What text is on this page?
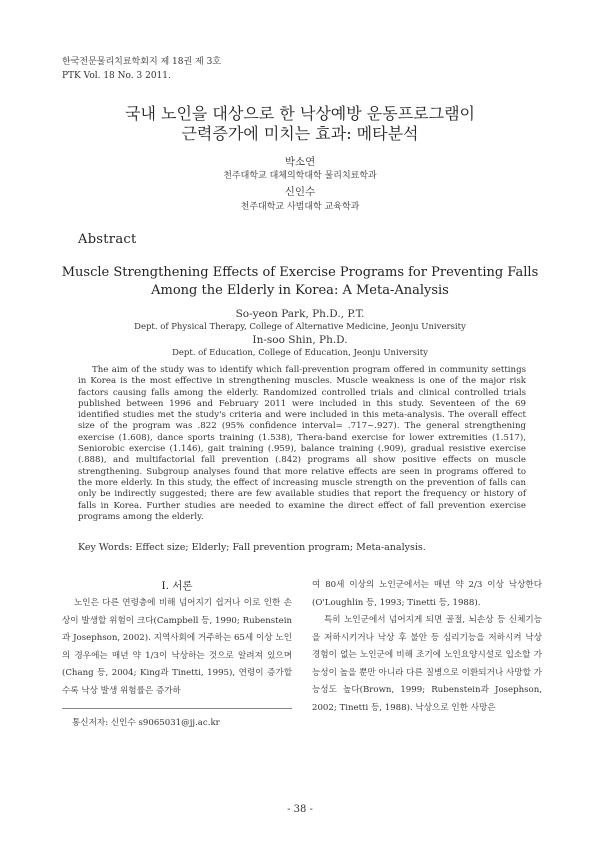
한국전문물리치료학회지 제 18권 제 3호
PTK Vol. 18 No. 3 2011.
국내 노인을 대상으로 한 낙상예방 운동프로그램이
근력증가에 미치는 효과: 메타분석
박소연
천주대학교 대체의학대학 물리치료학과
신인수
천주대학교 사범대학 교육학과
Abstract
Muscle Strengthening Effects of Exercise Programs for Preventing Falls
Among the Elderly in Korea: A Meta-Analysis
So-yeon Park, Ph.D., P.T.
Dept. of Physical Therapy, College of Alternative Medicine, Jeonju University
In-soo Shin, Ph.D.
Dept. of Education, College of Education, Jeonju University
The aim of the study was to identify which fall-prevention program offered in community settings in Korea is the most effective in strengthening muscles. Muscle weakness is one of the major risk factors causing falls among the elderly. Randomized controlled trials and clinical controlled trials published between 1996 and February 2011 were included in this study. Seventeen of the 69 identified studies met the study's criteria and were included in this meta-analysis. The overall effect size of the program was .822 (95% confidence interval= .717~.927). The general strengthening exercise (1.608), dance sports training (1.538), Thera-band exercise for lower extremities (1.517), Seniorobic exercise (1.146), gait training (.959), balance training (.909), gradual resistive exercise (.888), and multifactorial fall prevention (.842) programs all show positive effects on muscle strengthening. Subgroup analyses found that more relative effects are seen in programs offered to the more elderly. In this study, the effect of increasing muscle strength on the prevention of falls can only be indirectly suggested; there are few available studies that report the frequency or history of falls in Korea. Further studies are needed to examine the direct effect of fall prevention exercise programs among the elderly.
Key Words: Effect size; Elderly; Fall prevention program; Meta-analysis.
Ⅰ. 서론
노인은 다른 연령층에 비해 넘어지기 쉽거나 이로 인한 손상이 발생할 위험이 크다(Campbell 등, 1990; Rubenstein과 Josephson, 2002). 지역사회에 거주하는 65세 이상 노인의 경우에는 매년 약 1/3이 낙상하는 것으로 알려져 있으며(Chang 등, 2004; King과 Tinetti, 1995), 연령이 증가할수록 낙상 발생 위험률은 증가하
여 80세 이상의 노인군에서는 매년 약 2/3 이상 낙상한다(O'Loughlin 등, 1993; Tinetti 등, 1988).
특히 노인군에서 넘어지게 되면 골절, 뇌손상 등 신체기능을 저하시키거나 낙상 후 불안 등 심리기능을 저하시켜 낙상 경험이 없는 노인군에 비해 조기에 노인요양시설로 입소할 가능성이 높을 뿐만 아니라 다른 질병으로 이환되거나 사망할 가능성도 높다(Brown, 1999; Rubenstein과 Josephson, 2002; Tinetti 등, 1988). 낙상으로 인한 사망은
통신저자: 신인수 s9065031@jj.ac.kr
- 38 -
